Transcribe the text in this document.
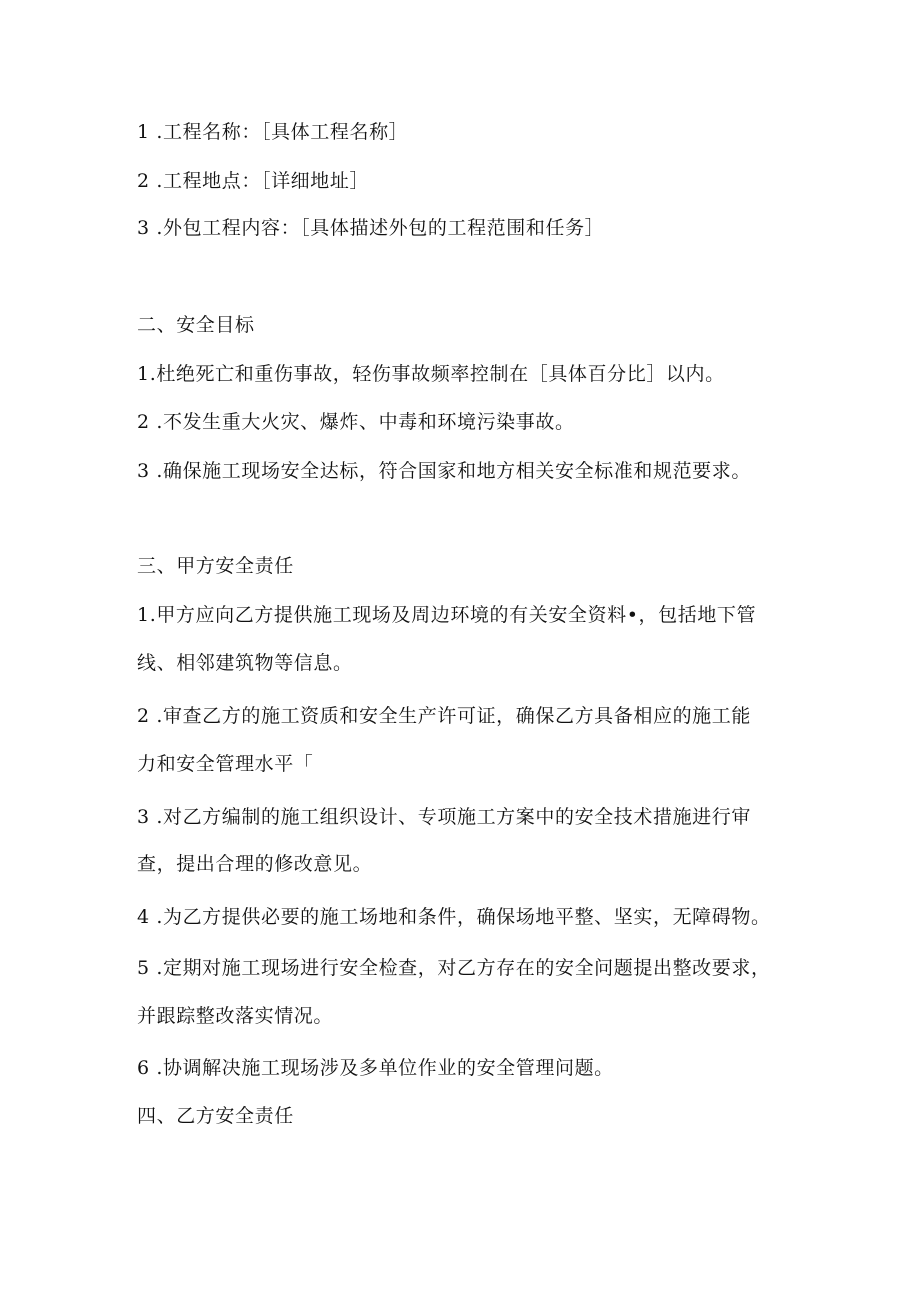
1 .工程名称：［具体工程名称］
2 .工程地点：［详细地址］
3 .外包工程内容：［具体描述外包的工程范围和任务］
二、安全目标
1.杜绝死亡和重伤事故，轻伤事故频率控制在［具体百分比］以内。
2 .不发生重大火灾、爆炸、中毒和环境污染事故。
3 .确保施工现场安全达标，符合国家和地方相关安全标准和规范要求。
三、甲方安全责任
1.甲方应向乙方提供施工现场及周边环境的有关安全资料•，包括地下管
线、相邻建筑物等信息。
2 .审查乙方的施工资质和安全生产许可证，确保乙方具备相应的施工能
力和安全管理水平「
3 .对乙方编制的施工组织设计、专项施工方案中的安全技术措施进行审
查，提出合理的修改意见。
4 .为乙方提供必要的施工场地和条件，确保场地平整、坚实，无障碍物。
5 .定期对施工现场进行安全检查，对乙方存在的安全问题提出整改要求，
并跟踪整改落实情况。
6 .协调解决施工现场涉及多单位作业的安全管理问题。
四、乙方安全责任
